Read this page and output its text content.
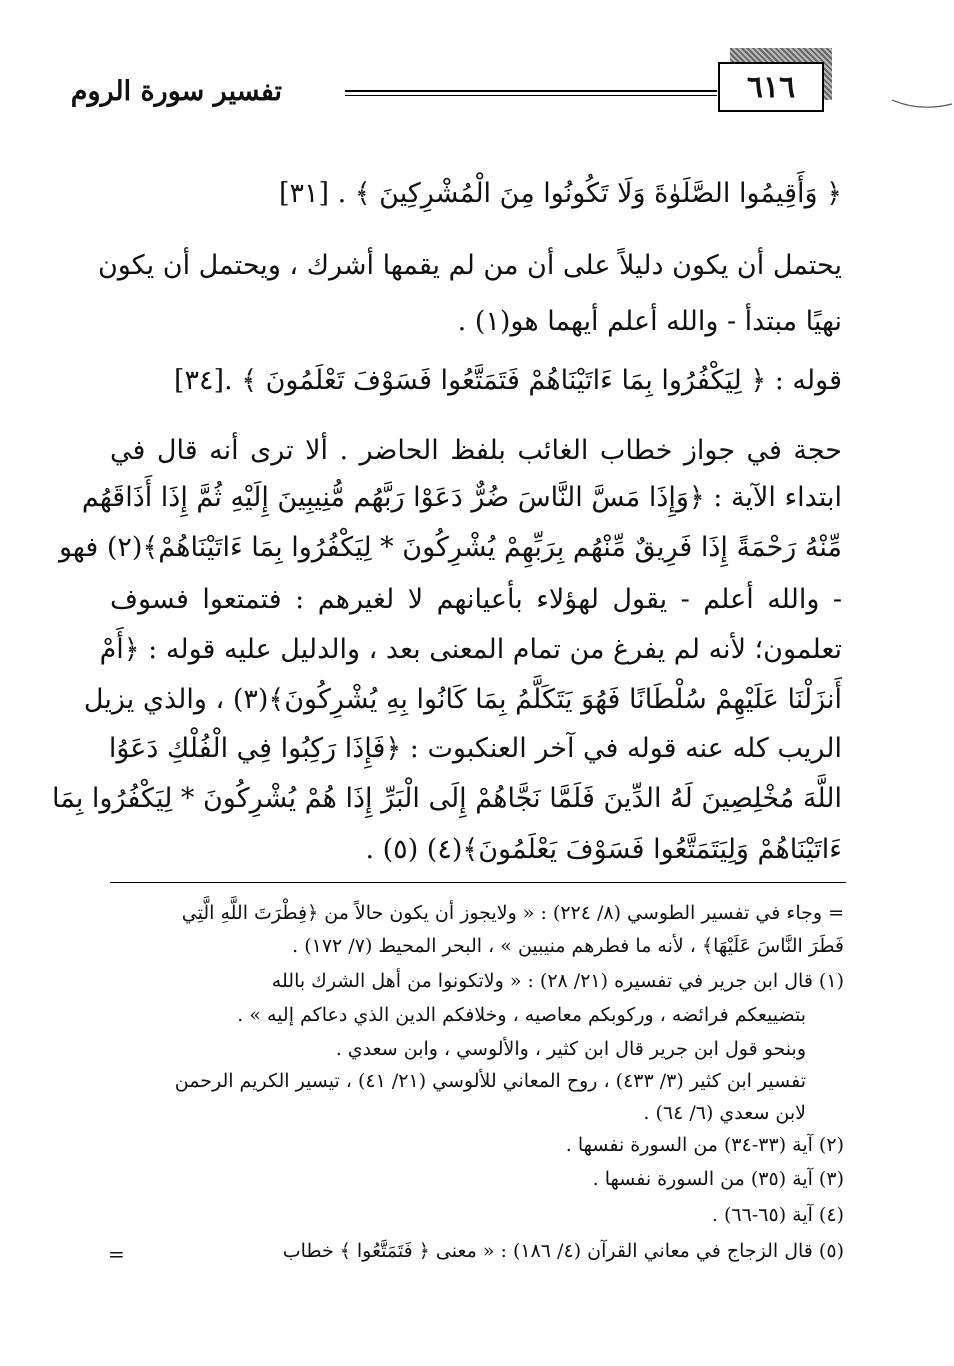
٦١٦
تفسير سورة الروم
﴿ وَأَقِيمُوا الصَّلَوٰةَ وَلَا تَكُونُوا مِنَ الْمُشْرِكِينَ ﴾ . [٣١]
يحتمل أن يكون دليلاً على أن من لم يقمها أشرك ، ويحتمل أن يكون
نهيًا مبتدأ - والله أعلم أيهما هو(١) .
قوله : ﴿ لِيَكْفُرُوا بِمَا ءَاتَيْنَاهُمْ فَتَمَتَّعُوا فَسَوْفَ تَعْلَمُونَ ﴾ .[٣٤]
حجة في جواز خطاب الغائب بلفظ الحاضر . ألا ترى أنه قال في
ابتداء الآية : ﴿وَإِذَا مَسَّ النَّاسَ ضُرٌّ دَعَوْا رَبَّهُم مُّنِيبِينَ إِلَيْهِ ثُمَّ إِذَا أَذَاقَهُم
مِّنْهُ رَحْمَةً إِذَا فَرِيقٌ مِّنْهُم بِرَبِّهِمْ يُشْرِكُونَ * لِيَكْفُرُوا بِمَا ءَاتَيْنَاهُمْ﴾(٢) فهو
- والله أعلم - يقول لهؤلاء بأعيانهم لا لغيرهم : فتمتعوا فسوف
تعلمون؛ لأنه لم يفرغ من تمام المعنى بعد ، والدليل عليه قوله : ﴿أَمْ
أَنزَلْنَا عَلَيْهِمْ سُلْطَانًا فَهُوَ يَتَكَلَّمُ بِمَا كَانُوا بِهِ يُشْرِكُونَ﴾(٣) ، والذي يزيل
الريب كله عنه قوله في آخر العنكبوت : ﴿فَإِذَا رَكِبُوا فِي الْفُلْكِ دَعَوُا
اللَّهَ مُخْلِصِينَ لَهُ الدِّينَ فَلَمَّا نَجَّاهُمْ إِلَى الْبَرِّ إِذَا هُمْ يُشْرِكُونَ * لِيَكْفُرُوا بِمَا
ءَاتَيْنَاهُمْ وَلِيَتَمَتَّعُوا فَسَوْفَ يَعْلَمُونَ﴾(٤) (٥) .
= وجاء في تفسير الطوسي (٨/ ٢٢٤) : « ولايجوز أن يكون حالاً من ﴿فِطْرَتَ اللَّهِ الَّتِي
فَطَرَ النَّاسَ عَلَيْهَا﴾ ، لأنه ما فطرهم منيبين » ، البحر المحيط (٧/ ١٧٢) .
(١) قال ابن جرير في تفسيره (٢١/ ٢٨) : « ولاتكونوا من أهل الشرك بالله
بتضييعكم فرائضه ، وركوبكم معاصيه ، وخلافكم الدين الذي دعاكم إليه » .
وبنحو قول ابن جرير قال ابن كثير ، والألوسي ، وابن سعدي .
تفسير ابن كثير (٣/ ٤٣٣) ، روح المعاني للألوسي (٢١/ ٤١) ، تيسير الكريم الرحمن
لابن سعدي (٦/ ٦٤) .
(٢) آية (٣٣-٣٤) من السورة نفسها .
(٣) آية (٣٥) من السورة نفسها .
(٤) آية (٦٥-٦٦) .
(٥) قال الزجاج في معاني القرآن (٤/ ١٨٦) : « معنى ﴿ فَتَمَتَّعُوا ﴾ خطاب
=
